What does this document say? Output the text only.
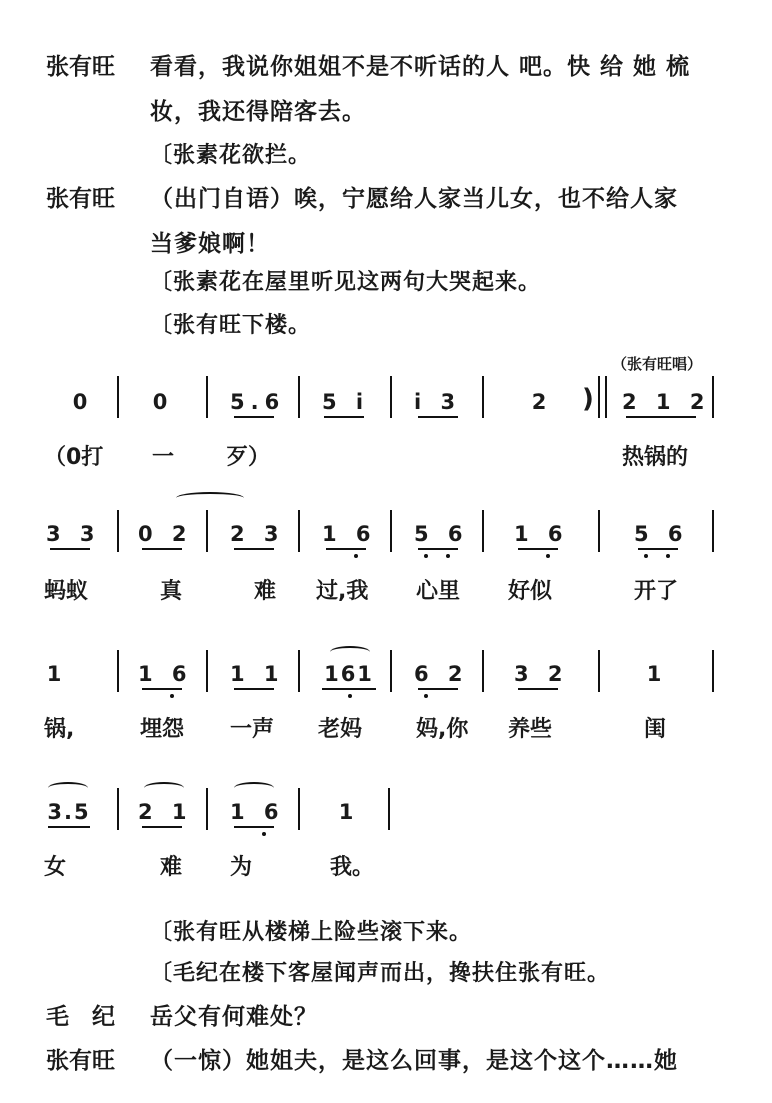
张有旺 看看，我说你姐姐不是不听话的人 吧。快 给 她 梳
妆，我还得陪客去。
〔张素花欲拦。
张有旺 （出门自语）唉，宁愿给人家当儿女，也不给人家
当爹娘啊！
〔张素花在屋里听见这两句大哭起来。
〔张有旺下楼。
（张有旺唱）
0	0	5.6 5 i i 3	2 ) 2 1 2
（0打 一 歹）	热锅的
3 3 0 2 2 3 1 6 5 6 1 6	5 6
蚂蚁	真	难 过,我 心里 好似	开了
1	1 6 1 1 161 6 2 3 2	1
锅,	埋怨 一声 老妈 妈,你 养些	闺
3.5 2 1 1 6	1
女	难 为	我。
〔张有旺从楼梯上险些滚下来。
〔毛纪在楼下客屋闻声而出，搀扶住张有旺。
毛　纪 岳父有何难处？
张有旺 （一惊）她姐夫，是这么回事，是这个这个……她
